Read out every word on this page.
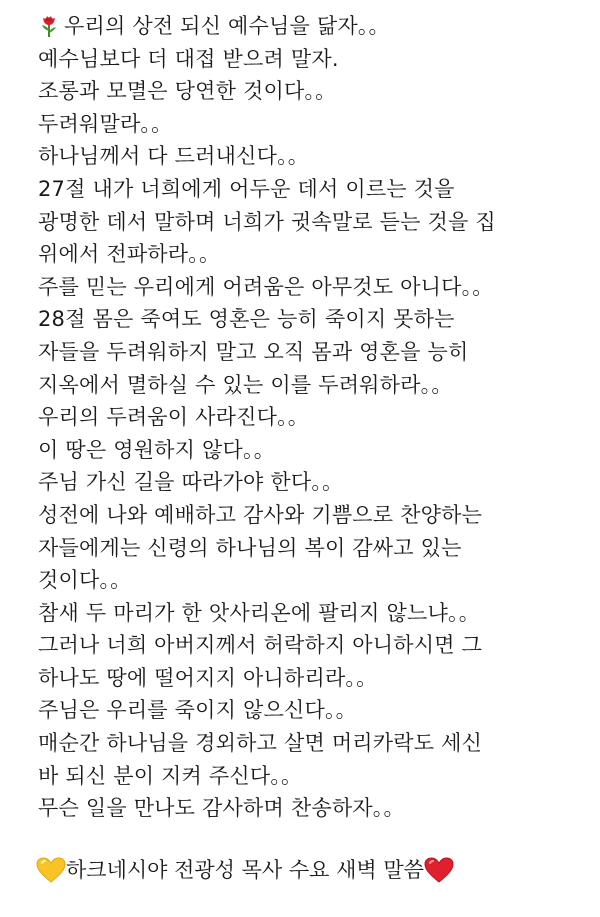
우리의 상전 되신 예수님을 닮자。。
예수님보다 더 대접 받으려 말자.
조롱과 모멸은 당연한 것이다。。
두려워말라。。
하나님께서 다 드러내신다。。
27절 내가 너희에게 어두운 데서 이르는 것을
광명한 데서 말하며 너희가 귓속말로 듣는 것을 집
위에서 전파하라。。
주를 믿는 우리에게 어려움은 아무것도 아니다。。
28절 몸은 죽여도 영혼은 능히 죽이지 못하는
자들을 두려워하지 말고 오직 몸과 영혼을 능히
지옥에서 멸하실 수 있는 이를 두려워하라。。
우리의 두려움이 사라진다。。
이 땅은 영원하지 않다。。
주님 가신 길을 따라가야 한다。。
성전에 나와 예배하고 감사와 기쁨으로 찬양하는
자들에게는 신령의 하나님의 복이 감싸고 있는
것이다。。
참새 두 마리가 한 앗사리온에 팔리지 않느냐。。
그러나 너희 아버지께서 허락하지 아니하시면 그
하나도 땅에 떨어지지 아니하리라。。
주님은 우리를 죽이지 않으신다。。
매순간 하나님을 경외하고 살면 머리카락도 세신
바 되신 분이 지켜 주신다。。
무슨 일을 만나도 감사하며 찬송하자。。
하크네시야 전광성 목사 수요 새벽 말씀
